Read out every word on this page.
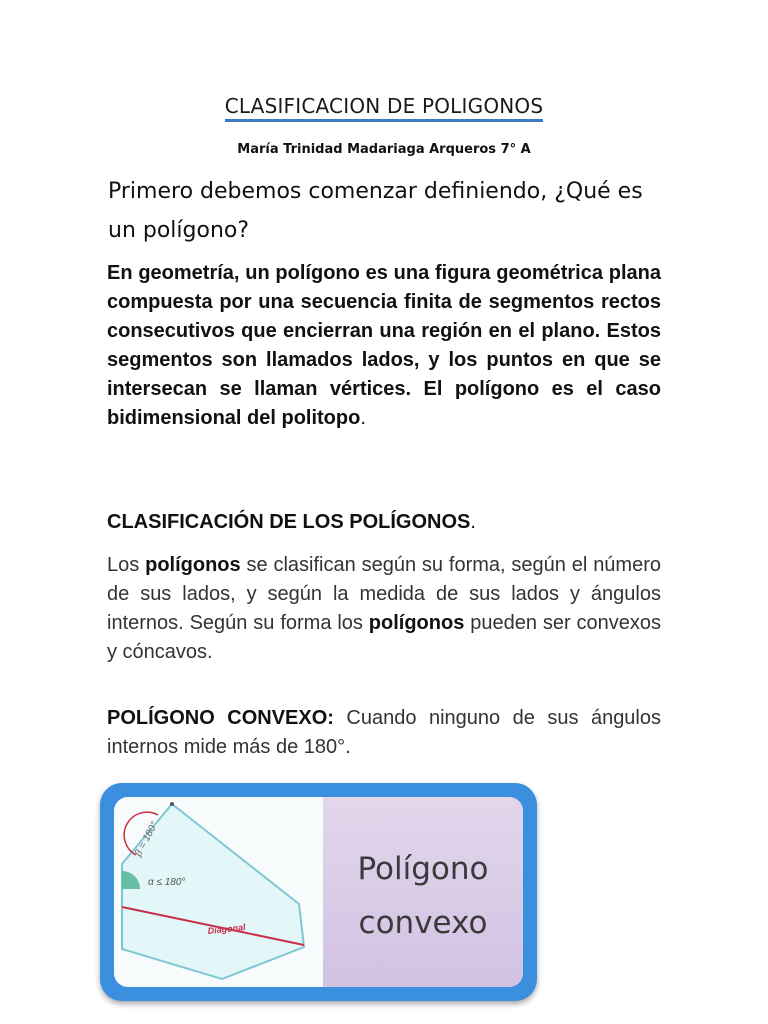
CLASIFICACION DE POLIGONOS
María Trinidad Madariaga Arqueros 7° A
Primero debemos comenzar definiendo, ¿Qué es un polígono?
En geometría, un polígono es una figura geométrica plana compuesta por una secuencia finita de segmentos rectos consecutivos que encierran una región en el plano. Estos segmentos son llamados lados, y los puntos en que se intersecan se llaman vértices. El polígono es el caso bidimensional del politopo.
CLASIFICACIÓN DE LOS POLÍGONOS.
Los polígonos se clasifican según su forma, según el número de sus lados, y según la medida de sus lados y ángulos internos. Según su forma los polígonos pueden ser convexos y cóncavos.
POLÍGONO CONVEXO: Cuando ninguno de sus ángulos internos mide más de 180°.
β = 180°
α ≤ 180°
Diagonal
Polígono
convexo
